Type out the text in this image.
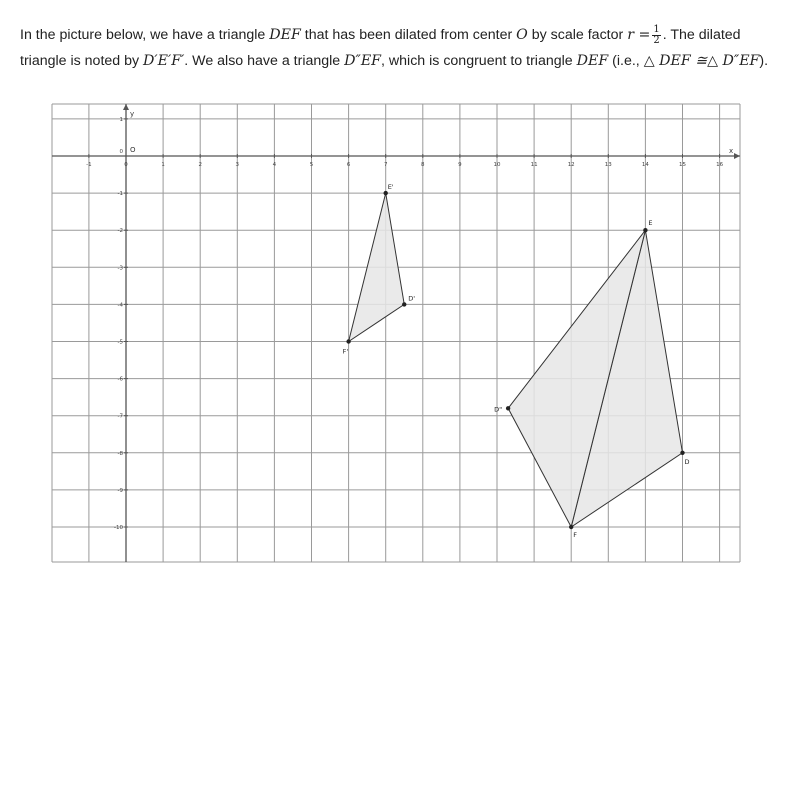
In the picture below, we have a triangle DEF that has been dilated from center O by scale factor $r = \frac{1}{2}$ . The dilated triangle is noted by D′E′F′. We also have a triangle D″EF, which is congruent to triangle DEF (i.e., △ DEF ≅△ D″EF).

x
y
-1	0	1	2	3	4	5	6	7	8	9	10	11	12	13	14	15	16
1
0
-1
-2
-3
-4
-5
-6
-7
-8
-9
-10
O
E'
D'
F'
E
D
F
D"
